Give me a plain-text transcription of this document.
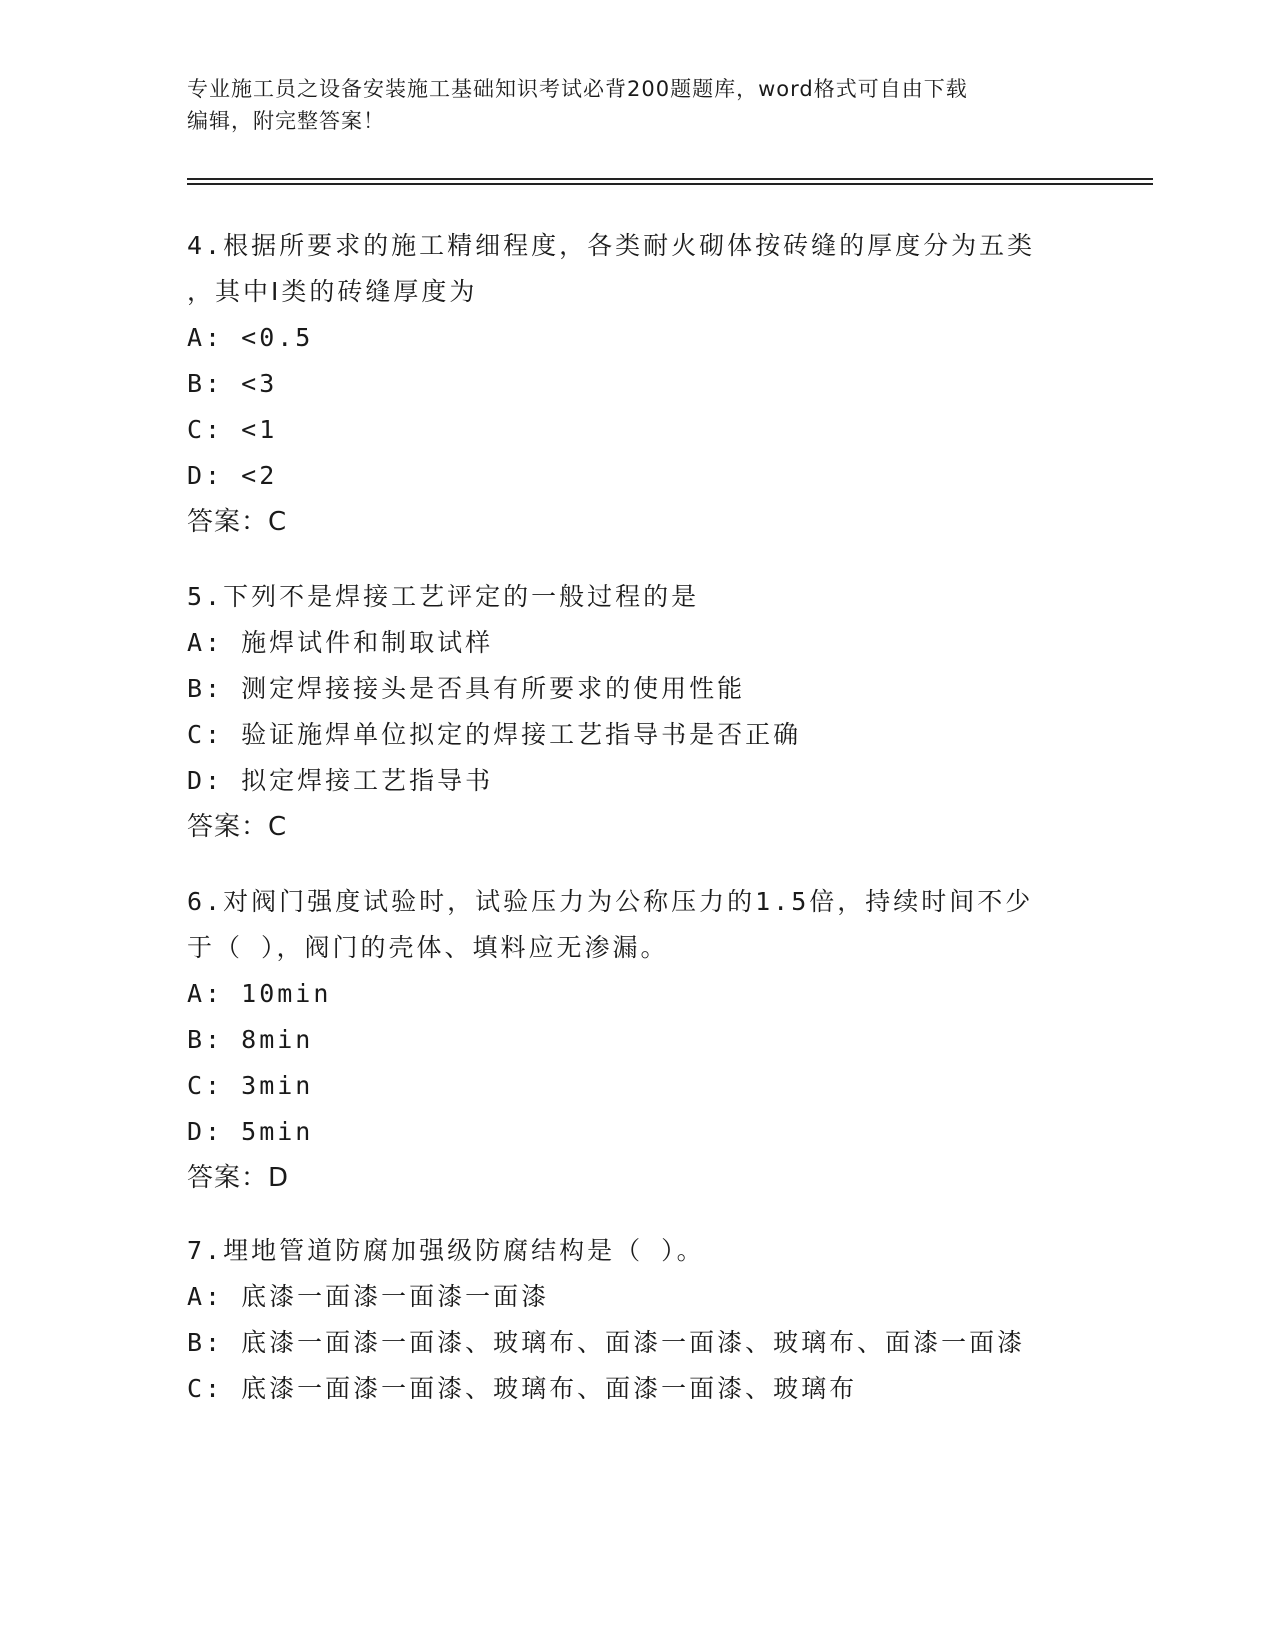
专业施工员之设备安装施工基础知识考试必背200题题库，word格式可自由下载
编辑，附完整答案！
4.根据所要求的施工精细程度，各类耐火砌体按砖缝的厚度分为五类
，其中Ⅰ类的砖缝厚度为
A: <0.5
B: <3
C: <1
D: <2
答案：C
5.下列不是焊接工艺评定的一般过程的是
A: 施焊试件和制取试样
B: 测定焊接接头是否具有所要求的使用性能
C: 验证施焊单位拟定的焊接工艺指导书是否正确
D: 拟定焊接工艺指导书
答案：C
6.对阀门强度试验时，试验压力为公称压力的1.5倍，持续时间不少
于（ ），阀门的壳体、填料应无渗漏。
A: 10min
B: 8min
C: 3min
D: 5min
答案：D
7.埋地管道防腐加强级防腐结构是（ ）。
A: 底漆一面漆一面漆一面漆
B: 底漆一面漆一面漆、玻璃布、面漆一面漆、玻璃布、面漆一面漆
C: 底漆一面漆一面漆、玻璃布、面漆一面漆、玻璃布
